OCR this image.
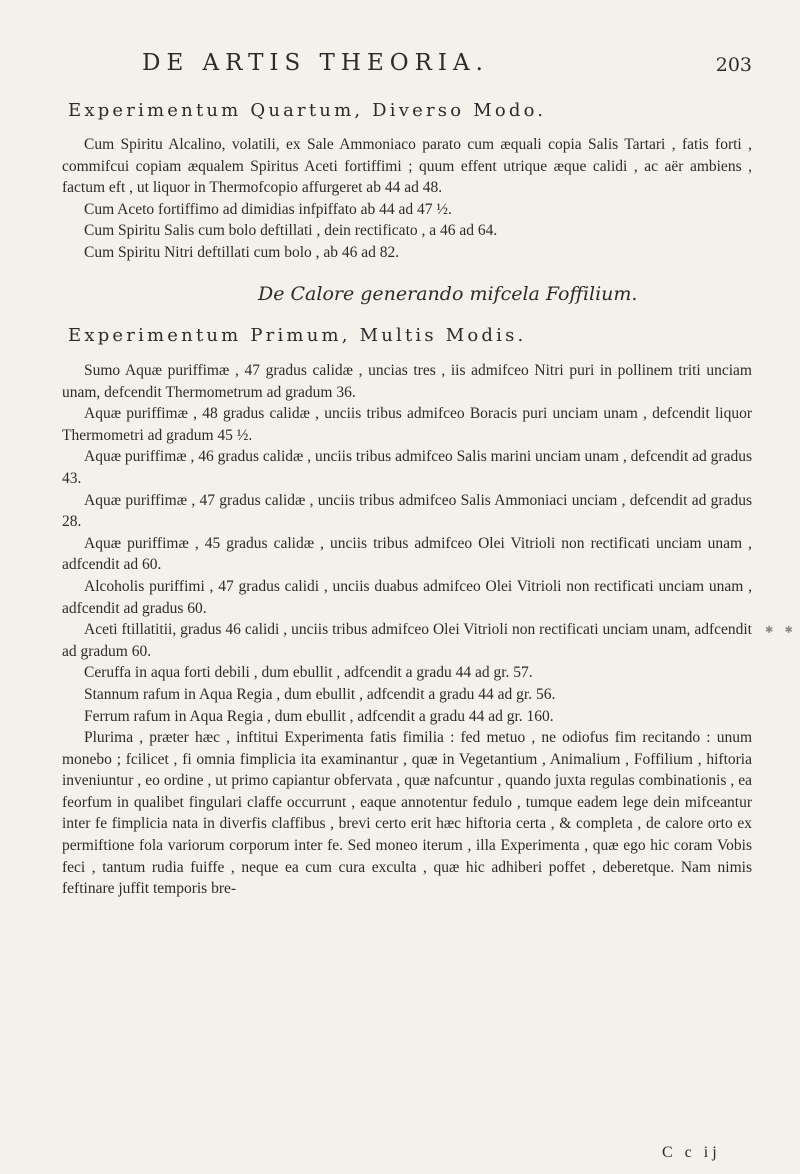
DE ARTIS THEORIA.	203
Experimentum Quartum, Diverso Modo.

Cum Spiritu Alcalino, volatili, ex Sale Ammoniaco parato cum æquali copia Salis Tartari , fatis forti , commifcui copiam æqualem Spiritus Aceti fortiffimi ; quum effent utrique æque calidi , ac aër ambiens , factum eft , ut liquor in Thermofcopio affurgeret ab 44 ad 48.

Cum Aceto fortiffimo ad dimidias infpiffato ab 44 ad 47 ½.

Cum Spiritu Salis cum bolo deftillati , dein rectificato , a 46 ad 64.

Cum Spiritu Nitri deftillati cum bolo , ab 46 ad 82.

De Calore generando mifcela Foffilium.
Experimentum Primum, Multis Modis.

Sumo Aquæ puriffimæ , 47 gradus calidæ , uncias tres , iis admifceo Nitri puri in pollinem triti unciam unam, defcendit Thermometrum ad gradum 36.

Aquæ puriffimæ , 48 gradus calidæ , unciis tribus admifceo Boracis puri unciam unam , defcendit liquor Thermometri ad gradum 45 ½.

Aquæ puriffimæ , 46 gradus calidæ , unciis tribus admifceo Salis marini unciam unam , defcendit ad gradus 43.

Aquæ puriffimæ , 47 gradus calidæ , unciis tribus admifceo Salis Ammoniaci unciam , defcendit ad gradus 28.

Aquæ puriffimæ , 45 gradus calidæ , unciis tribus admifceo Olei Vitrioli non rectificati unciam unam , adfcendit ad 60.

Alcoholis puriffimi , 47 gradus calidi , unciis duabus admifceo Olei Vitrioli non rectificati unciam unam , adfcendit ad gradus 60.

Aceti ftillatitii, gradus 46 calidi , unciis tribus admifceo Olei Vitrioli non rectificati unciam unam, adfcendit ad gradum 60.

Ceruffa in aqua forti debili , dum ebullit , adfcendit a gradu 44 ad gr. 57.

Stannum rafum in Aqua Regia , dum ebullit , adfcendit a gradu 44 ad gr. 56.

Ferrum rafum in Aqua Regia , dum ebullit , adfcendit a gradu 44 ad gr. 160.

Plurima , præter hæc , inftitui Experimenta fatis fimilia : fed metuo , ne odiofus fim recitando : unum monebo ; fcilicet , fi omnia fimplicia ita examinantur , quæ in Vegetantium , Animalium , Foffilium , hiftoria inveniuntur , eo ordine , ut primo capiantur obfervata , quæ nafcuntur , quando juxta regulas combinationis , ea feorfum in qualibet fingulari claffe occurrunt , eaque annotentur fedulo , tumque eadem lege dein mifceantur inter fe fimplicia nata in diverfis claffibus , brevi certo erit hæc hiftoria certa , & completa , de calore orto ex permiftione fola variorum corporum inter fe. Sed moneo iterum , illa Experimenta , quæ ego hic coram Vobis feci , tantum rudia fuiffe , neque ea cum cura exculta , quæ hic adhiberi poffet , deberetque. Nam nimis feftinare juffit temporis bre-

✱ ✱
C c ij
